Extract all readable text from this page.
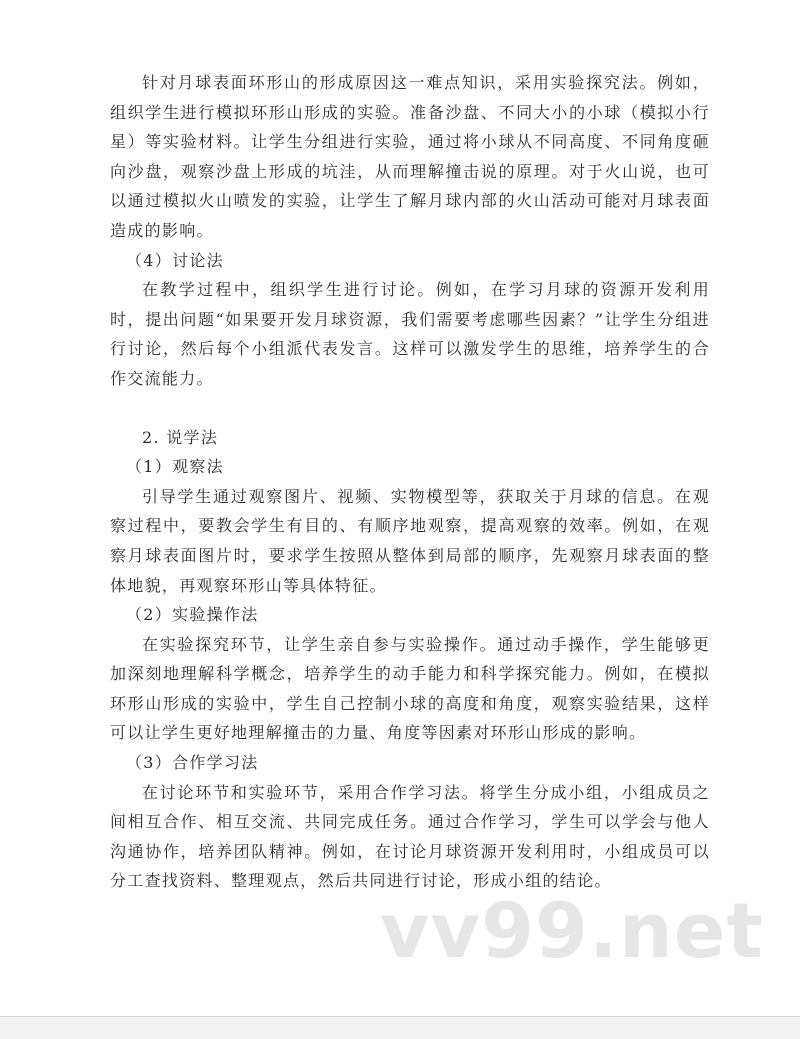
针对月球表面环形山的形成原因这一难点知识，采用实验探究法。例如，组织学生进行模拟环形山形成的实验。准备沙盘、不同大小的小球（模拟小行星）等实验材料。让学生分组进行实验，通过将小球从不同高度、不同角度砸向沙盘，观察沙盘上形成的坑洼，从而理解撞击说的原理。对于火山说，也可以通过模拟火山喷发的实验，让学生了解月球内部的火山活动可能对月球表面造成的影响。

（4）讨论法

在教学过程中，组织学生进行讨论。例如，在学习月球的资源开发利用时，提出问题“如果要开发月球资源，我们需要考虑哪些因素？”让学生分组进行讨论，然后每个小组派代表发言。这样可以激发学生的思维，培养学生的合作交流能力。

2. 说学法

（1）观察法

引导学生通过观察图片、视频、实物模型等，获取关于月球的信息。在观察过程中，要教会学生有目的、有顺序地观察，提高观察的效率。例如，在观察月球表面图片时，要求学生按照从整体到局部的顺序，先观察月球表面的整体地貌，再观察环形山等具体特征。

（2）实验操作法

在实验探究环节，让学生亲自参与实验操作。通过动手操作，学生能够更加深刻地理解科学概念，培养学生的动手能力和科学探究能力。例如，在模拟环形山形成的实验中，学生自己控制小球的高度和角度，观察实验结果，这样可以让学生更好地理解撞击的力量、角度等因素对环形山形成的影响。

（3）合作学习法

在讨论环节和实验环节，采用合作学习法。将学生分成小组，小组成员之间相互合作、相互交流、共同完成任务。通过合作学习，学生可以学会与他人沟通协作，培养团队精神。例如，在讨论月球资源开发利用时，小组成员可以分工查找资料、整理观点，然后共同进行讨论，形成小组的结论。

vv99.net
